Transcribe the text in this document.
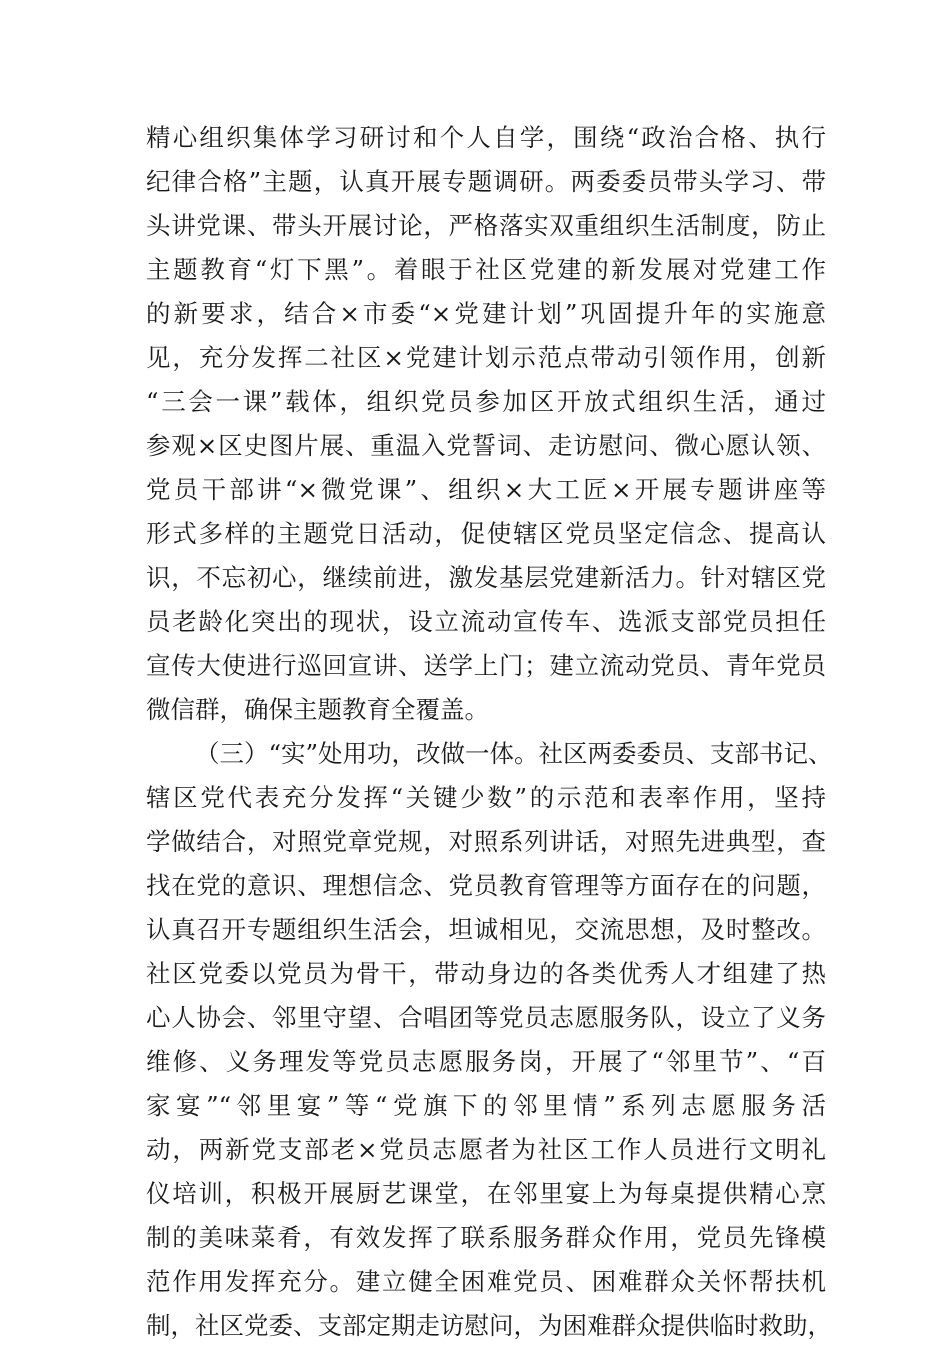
精心组织集体学习研讨和个人自学，围绕“政治合格、执行
纪律合格”主题，认真开展专题调研。两委委员带头学习、带
头讲党课、带头开展讨论，严格落实双重组织生活制度，防止
主题教育“灯下黑”。着眼于社区党建的新发展对党建工作
的新要求，结合×市委“×党建计划”巩固提升年的实施意
见，充分发挥二社区×党建计划示范点带动引领作用，创新
“三会一课”载体，组织党员参加区开放式组织生活，通过
参观×区史图片展、重温入党誓词、走访慰问、微心愿认领、
党员干部讲“×微党课”、组织×大工匠×开展专题讲座等
形式多样的主题党日活动，促使辖区党员坚定信念、提高认
识，不忘初心，继续前进，激发基层党建新活力。针对辖区党
员老龄化突出的现状，设立流动宣传车、选派支部党员担任
宣传大使进行巡回宣讲、送学上门；建立流动党员、青年党员
微信群，确保主题教育全覆盖。
（三）“实”处用功，改做一体。社区两委委员、支部书记、
辖区党代表充分发挥“关键少数”的示范和表率作用，坚持
学做结合，对照党章党规，对照系列讲话，对照先进典型，查
找在党的意识、理想信念、党员教育管理等方面存在的问题，
认真召开专题组织生活会，坦诚相见，交流思想，及时整改。
社区党委以党员为骨干，带动身边的各类优秀人才组建了热
心人协会、邻里守望、合唱团等党员志愿服务队，设立了义务
维修、义务理发等党员志愿服务岗，开展了“邻里节”、“百
家宴”“邻里宴”等“党旗下的邻里情”系列志愿服务活
动，两新党支部老×党员志愿者为社区工作人员进行文明礼
仪培训，积极开展厨艺课堂，在邻里宴上为每桌提供精心烹
制的美味菜肴，有效发挥了联系服务群众作用，党员先锋模
范作用发挥充分。建立健全困难党员、困难群众关怀帮扶机
制，社区党委、支部定期走访慰问，为困难群众提供临时救助，
